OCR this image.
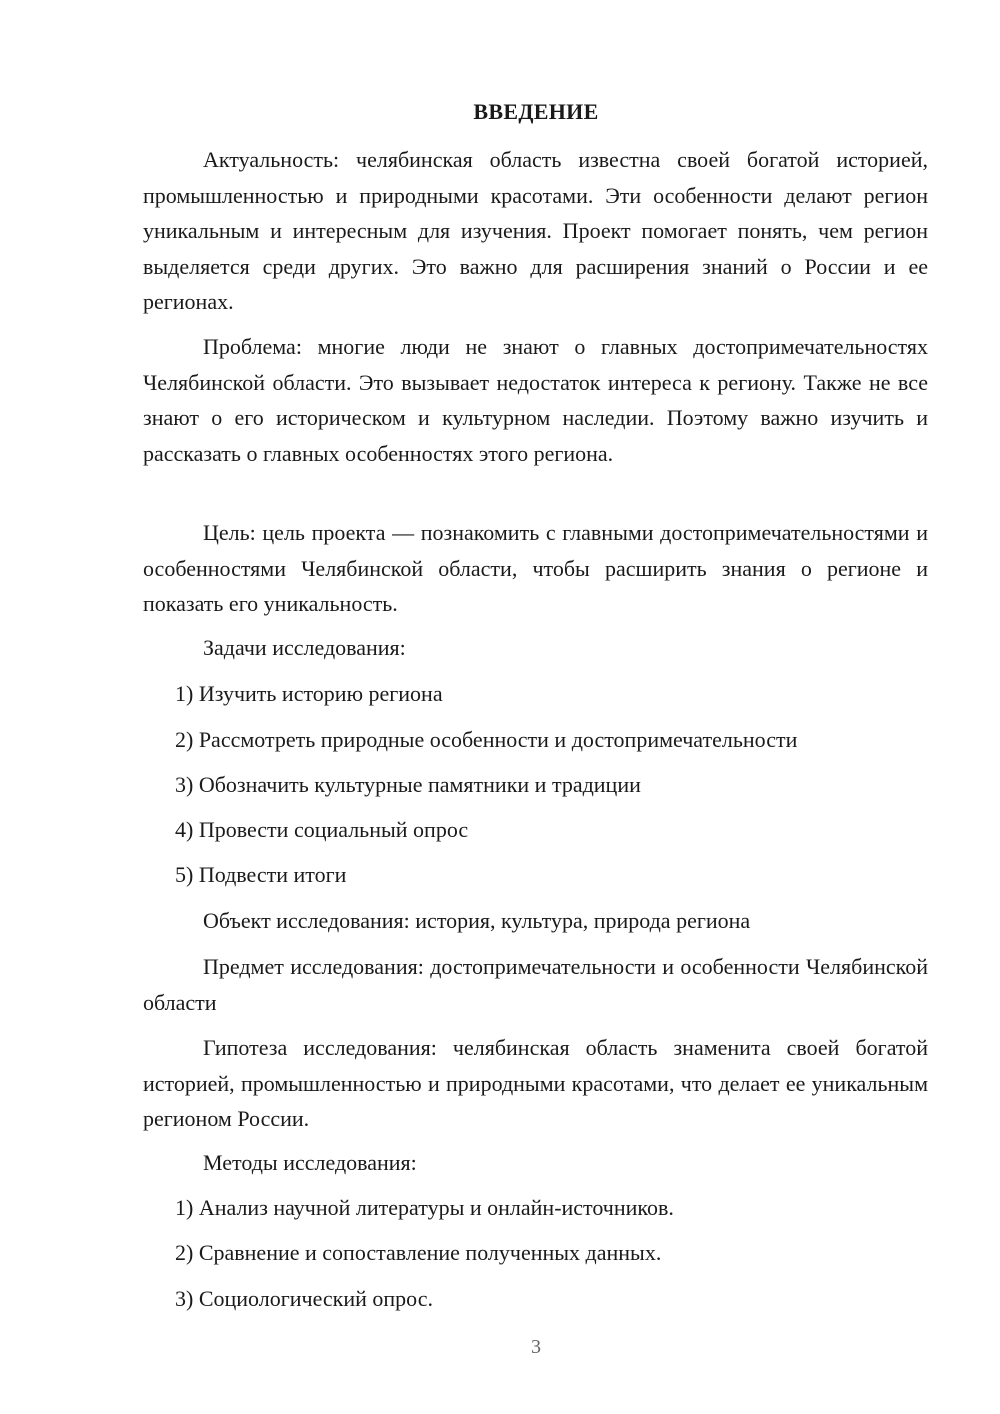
ВВЕДЕНИЕ

Актуальность: челябинская область известна своей богатой историей, промышленностью и природными красотами. Эти особенности делают регион уникальным и интересным для изучения. Проект помогает понять, чем регион выделяется среди других. Это важно для расширения знаний о России и ее регионах.

Проблема: многие люди не знают о главных достопримечательностях Челябинской области. Это вызывает недостаток интереса к региону. Также не все знают о его историческом и культурном наследии. Поэтому важно изучить и рассказать о главных особенностях этого региона.

Цель: цель проекта — познакомить с главными достопримечательностями и особенностями Челябинской области, чтобы расширить знания о регионе и показать его уникальность.

Задачи исследования:

1) Изучить историю региона

2) Рассмотреть природные особенности и достопримечательности

3) Обозначить культурные памятники и традиции

4) Провести социальный опрос

5) Подвести итоги

Объект исследования: история, культура, природа региона

Предмет исследования: достопримечательности и особенности Челябинской области

Гипотеза исследования: челябинская область знаменита своей богатой историей, промышленностью и природными красотами, что делает ее уникальным регионом России.

Методы исследования:

1) Анализ научной литературы и онлайн-источников.

2) Сравнение и сопоставление полученных данных.

3) Социологический опрос.

3
